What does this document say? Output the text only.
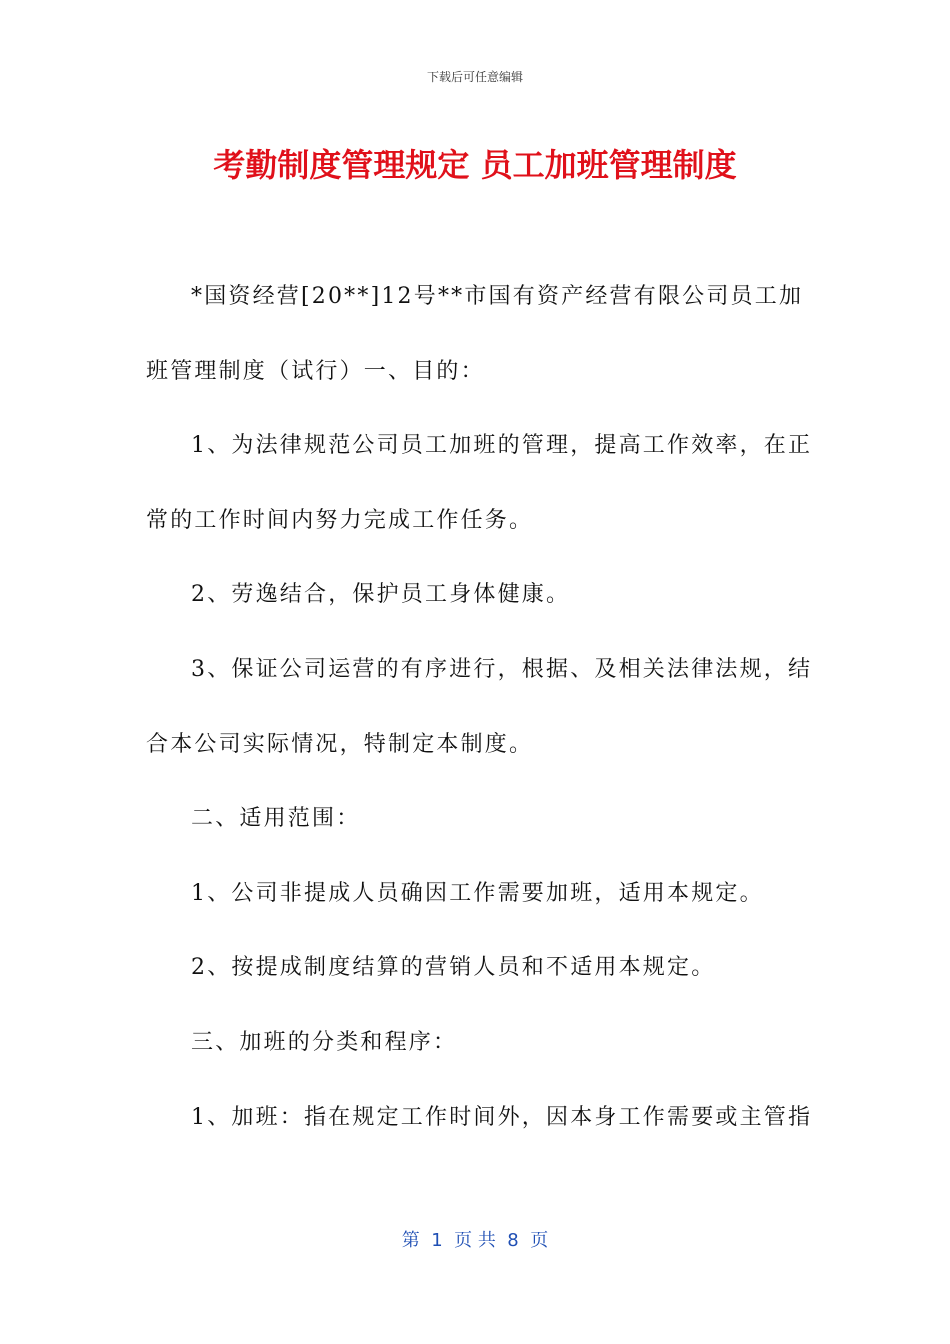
下载后可任意编辑
考勤制度管理规定 员工加班管理制度
*国资经营[20**]12号**市国有资产经营有限公司员工加
班管理制度（试行）一、目的：
1、为法律规范公司员工加班的管理，提高工作效率，在正
常的工作时间内努力完成工作任务。
2、劳逸结合，保护员工身体健康。
3、保证公司运营的有序进行，根据、及相关法律法规，结
合本公司实际情况，特制定本制度。
二、适用范围：
1、公司非提成人员确因工作需要加班，适用本规定。
2、按提成制度结算的营销人员和不适用本规定。
三、加班的分类和程序：
1、加班：指在规定工作时间外，因本身工作需要或主管指
第  1  页 共  8  页
